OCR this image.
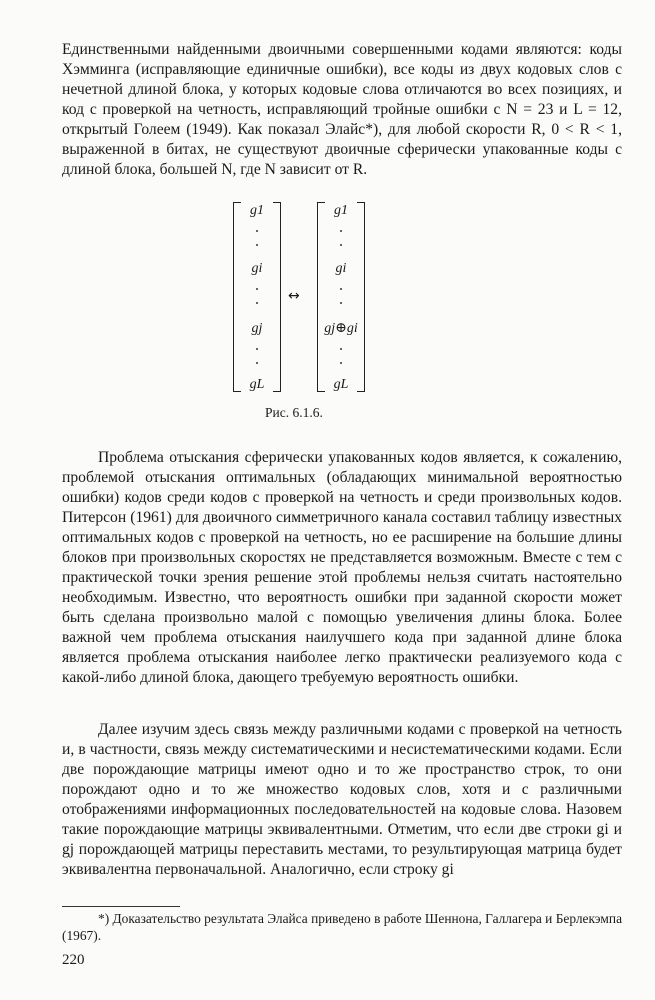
Единственными найденными двоичными совершенными кодами являются: коды Хэмминга (исправляющие единичные ошибки), все коды из двух кодовых слов с нечетной длиной блока, у которых кодовые слова отличаются во всех позициях, и код с проверкой на четность, исправляющий тройные ошибки с N = 23 и L = 12, открытый Голеем (1949). Как показал Элайс*), для любой скорости R, 0 < R < 1, выраженной в битах, не существуют двоичные сферически упакованные коды с длиной блока, большей N, где N зависит от R.

g1
gi
gj
gL
↔
g1
gi
gj⊕gi
gL
Рис. 6.1.6.

Проблема отыскания сферически упакованных кодов является, к сожалению, проблемой отыскания оптимальных (обладающих минимальной вероятностью ошибки) кодов среди кодов с проверкой на четность и среди произвольных кодов. Питерсон (1961) для двоичного симметричного канала составил таблицу известных оптимальных кодов с проверкой на четность, но ее расширение на большие длины блоков при произвольных скоростях не представляется возможным. Вместе с тем с практической точки зрения решение этой проблемы нельзя считать настоятельно необходимым. Известно, что вероятность ошибки при заданной скорости может быть сделана произвольно малой с помощью увеличения длины блока. Более важной чем проблема отыскания наилучшего кода при заданной длине блока является проблема отыскания наиболее легко практически реализуемого кода с какой-либо длиной блока, дающего требуемую вероятность ошибки.

Далее изучим здесь связь между различными кодами с проверкой на четность и, в частности, связь между систематическими и несистематическими кодами. Если две порождающие матрицы имеют одно и то же пространство строк, то они порождают одно и то же множество кодовых слов, хотя и с различными отображениями информационных последовательностей на кодовые слова. Назовем такие порождающие матрицы эквивалентными. Отметим, что если две строки gi и gj порождающей матрицы переставить местами, то результирующая матрица будет эквивалентна первоначальной. Аналогично, если строку gi

*) Доказательство результата Элайса приведено в работе Шеннона, Галлагера и Берлекэмпа (1967).

220
